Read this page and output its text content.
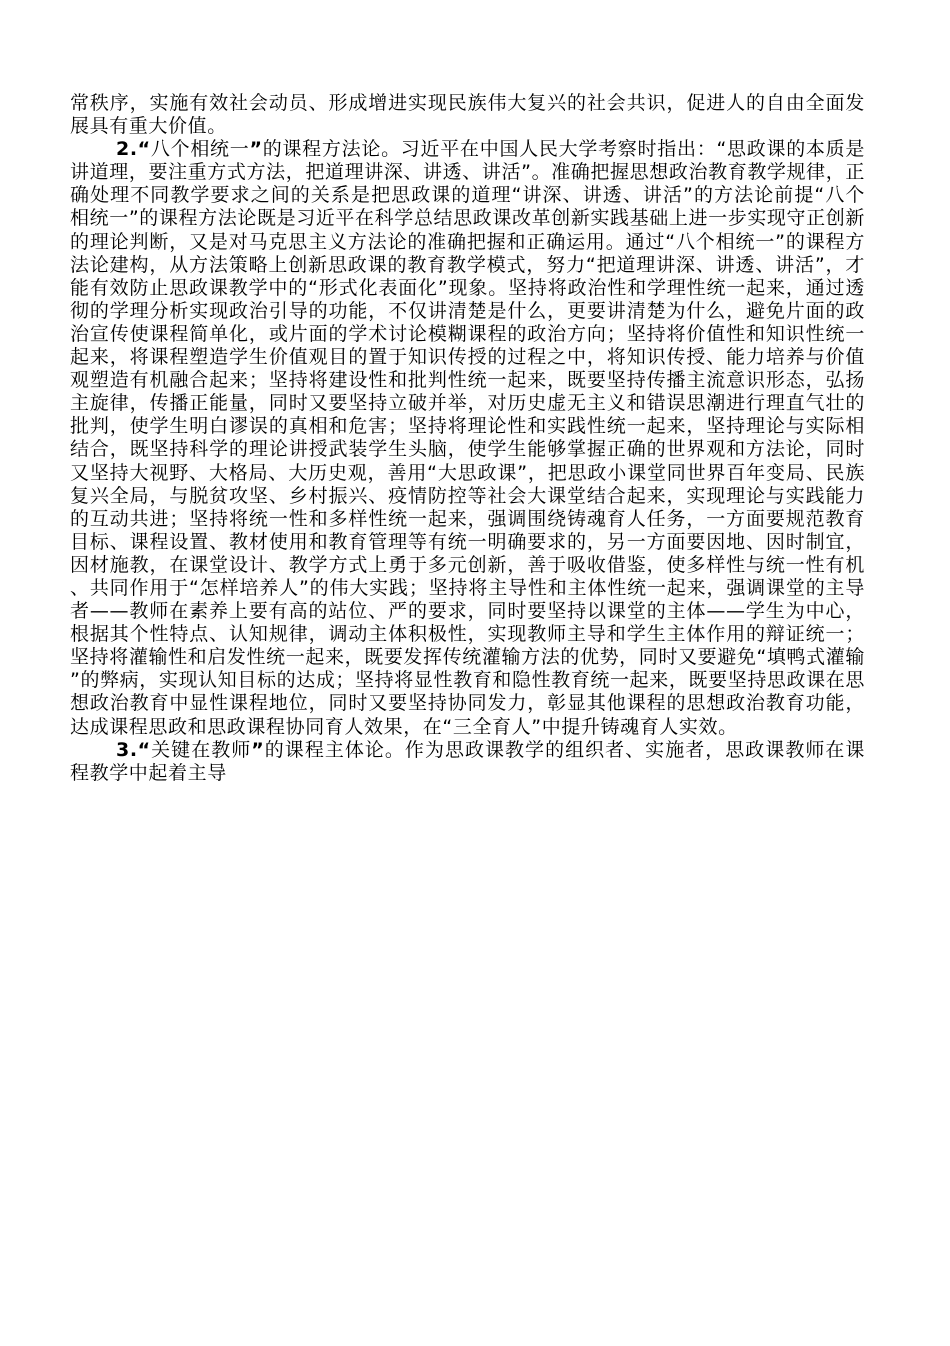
常秩序，实施有效社会动员、形成增进实现民族伟大复兴的社会共识，促进人的自由全面发展具有重大价值。

2.“八个相统一”的课程方法论。习近平在中国人民大学考察时指出：“思政课的本质是讲道理，要注重方式方法，把道理讲深、讲透、讲活”。准确把握思想政治教育教学规律，正确处理不同教学要求之间的关系是把思政课的道理“讲深、讲透、讲活”的方法论前提“八个相统一”的课程方法论既是习近平在科学总结思政课改革创新实践基础上进一步实现守正创新的理论判断，又是对马克思主义方法论的准确把握和正确运用。通过“八个相统一”的课程方法论建构，从方法策略上创新思政课的教育教学模式，努力“把道理讲深、讲透、讲活”，才能有效防止思政课教学中的“形式化表面化”现象。坚持将政治性和学理性统一起来，通过透彻的学理分析实现政治引导的功能，不仅讲清楚是什么，更要讲清楚为什么，避免片面的政治宣传使课程简单化，或片面的学术讨论模糊课程的政治方向；坚持将价值性和知识性统一起来，将课程塑造学生价值观目的置于知识传授的过程之中，将知识传授、能力培养与价值观塑造有机融合起来；坚持将建设性和批判性统一起来，既要坚持传播主流意识形态，弘扬主旋律，传播正能量，同时又要坚持立破并举，对历史虚无主义和错误思潮进行理直气壮的批判，使学生明白谬误的真相和危害；坚持将理论性和实践性统一起来，坚持理论与实际相结合，既坚持科学的理论讲授武装学生头脑，使学生能够掌握正确的世界观和方法论，同时又坚持大视野、大格局、大历史观，善用“大思政课”，把思政小课堂同世界百年变局、民族复兴全局，与脱贫攻坚、乡村振兴、疫情防控等社会大课堂结合起来，实现理论与实践能力的互动共进；坚持将统一性和多样性统一起来，强调围绕铸魂育人任务，一方面要规范教育目标、课程设置、教材使用和教育管理等有统一明确要求的，另一方面要因地、因时制宜，因材施教，在课堂设计、教学方式上勇于多元创新，善于吸收借鉴，使多样性与统一性有机、共同作用于“怎样培养人”的伟大实践；坚持将主导性和主体性统一起来，强调课堂的主导者——教师在素养上要有高的站位、严的要求，同时要坚持以课堂的主体——学生为中心，根据其个性特点、认知规律，调动主体积极性，实现教师主导和学生主体作用的辩证统一；坚持将灌输性和启发性统一起来，既要发挥传统灌输方法的优势，同时又要避免“填鸭式灌输”的弊病，实现认知目标的达成；坚持将显性教育和隐性教育统一起来，既要坚持思政课在思想政治教育中显性课程地位，同时又要坚持协同发力，彰显其他课程的思想政治教育功能，达成课程思政和思政课程协同育人效果，在“三全育人”中提升铸魂育人实效。

3.“关键在教师”的课程主体论。作为思政课教学的组织者、实施者，思政课教师在课程教学中起着主导
